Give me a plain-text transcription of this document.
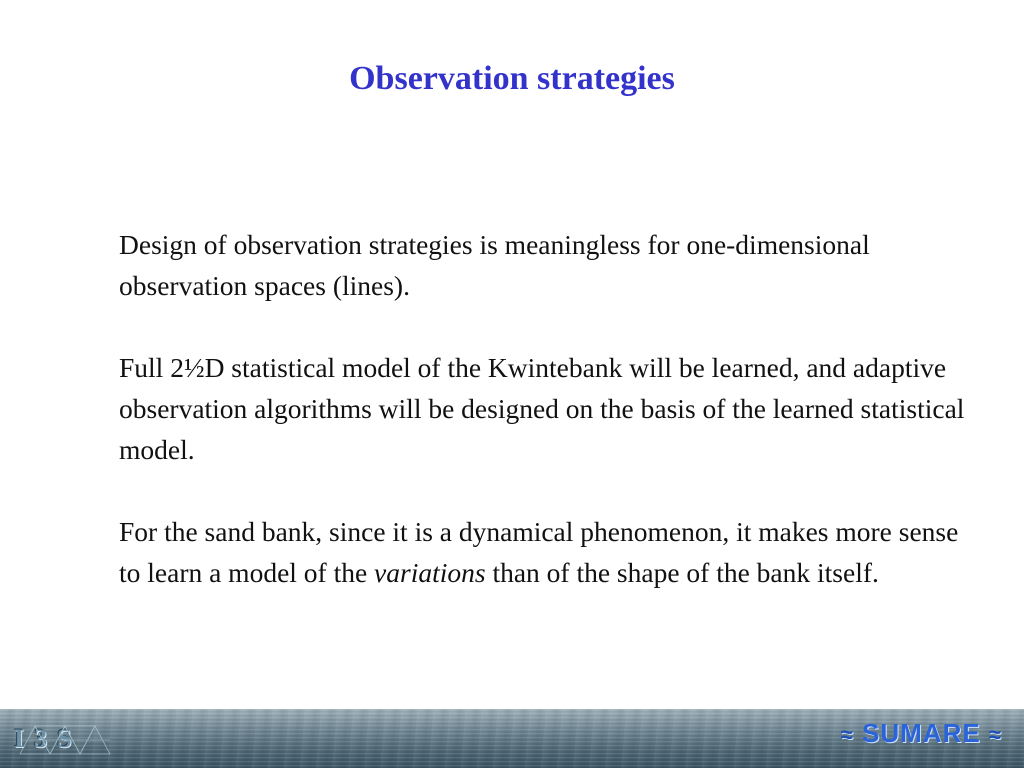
Observation strategies

Design of observation strategies is meaningless for one-dimensional observation spaces (lines).

Full 2½D statistical model of the Kwintebank will be learned, and adaptive observation algorithms will be designed on the basis of the learned statistical model.

For the sand bank, since it is a dynamical phenomenon, it makes more sense to learn a model of the variations than of the shape of the bank itself.

I3S	≈ SUMARE ≈
